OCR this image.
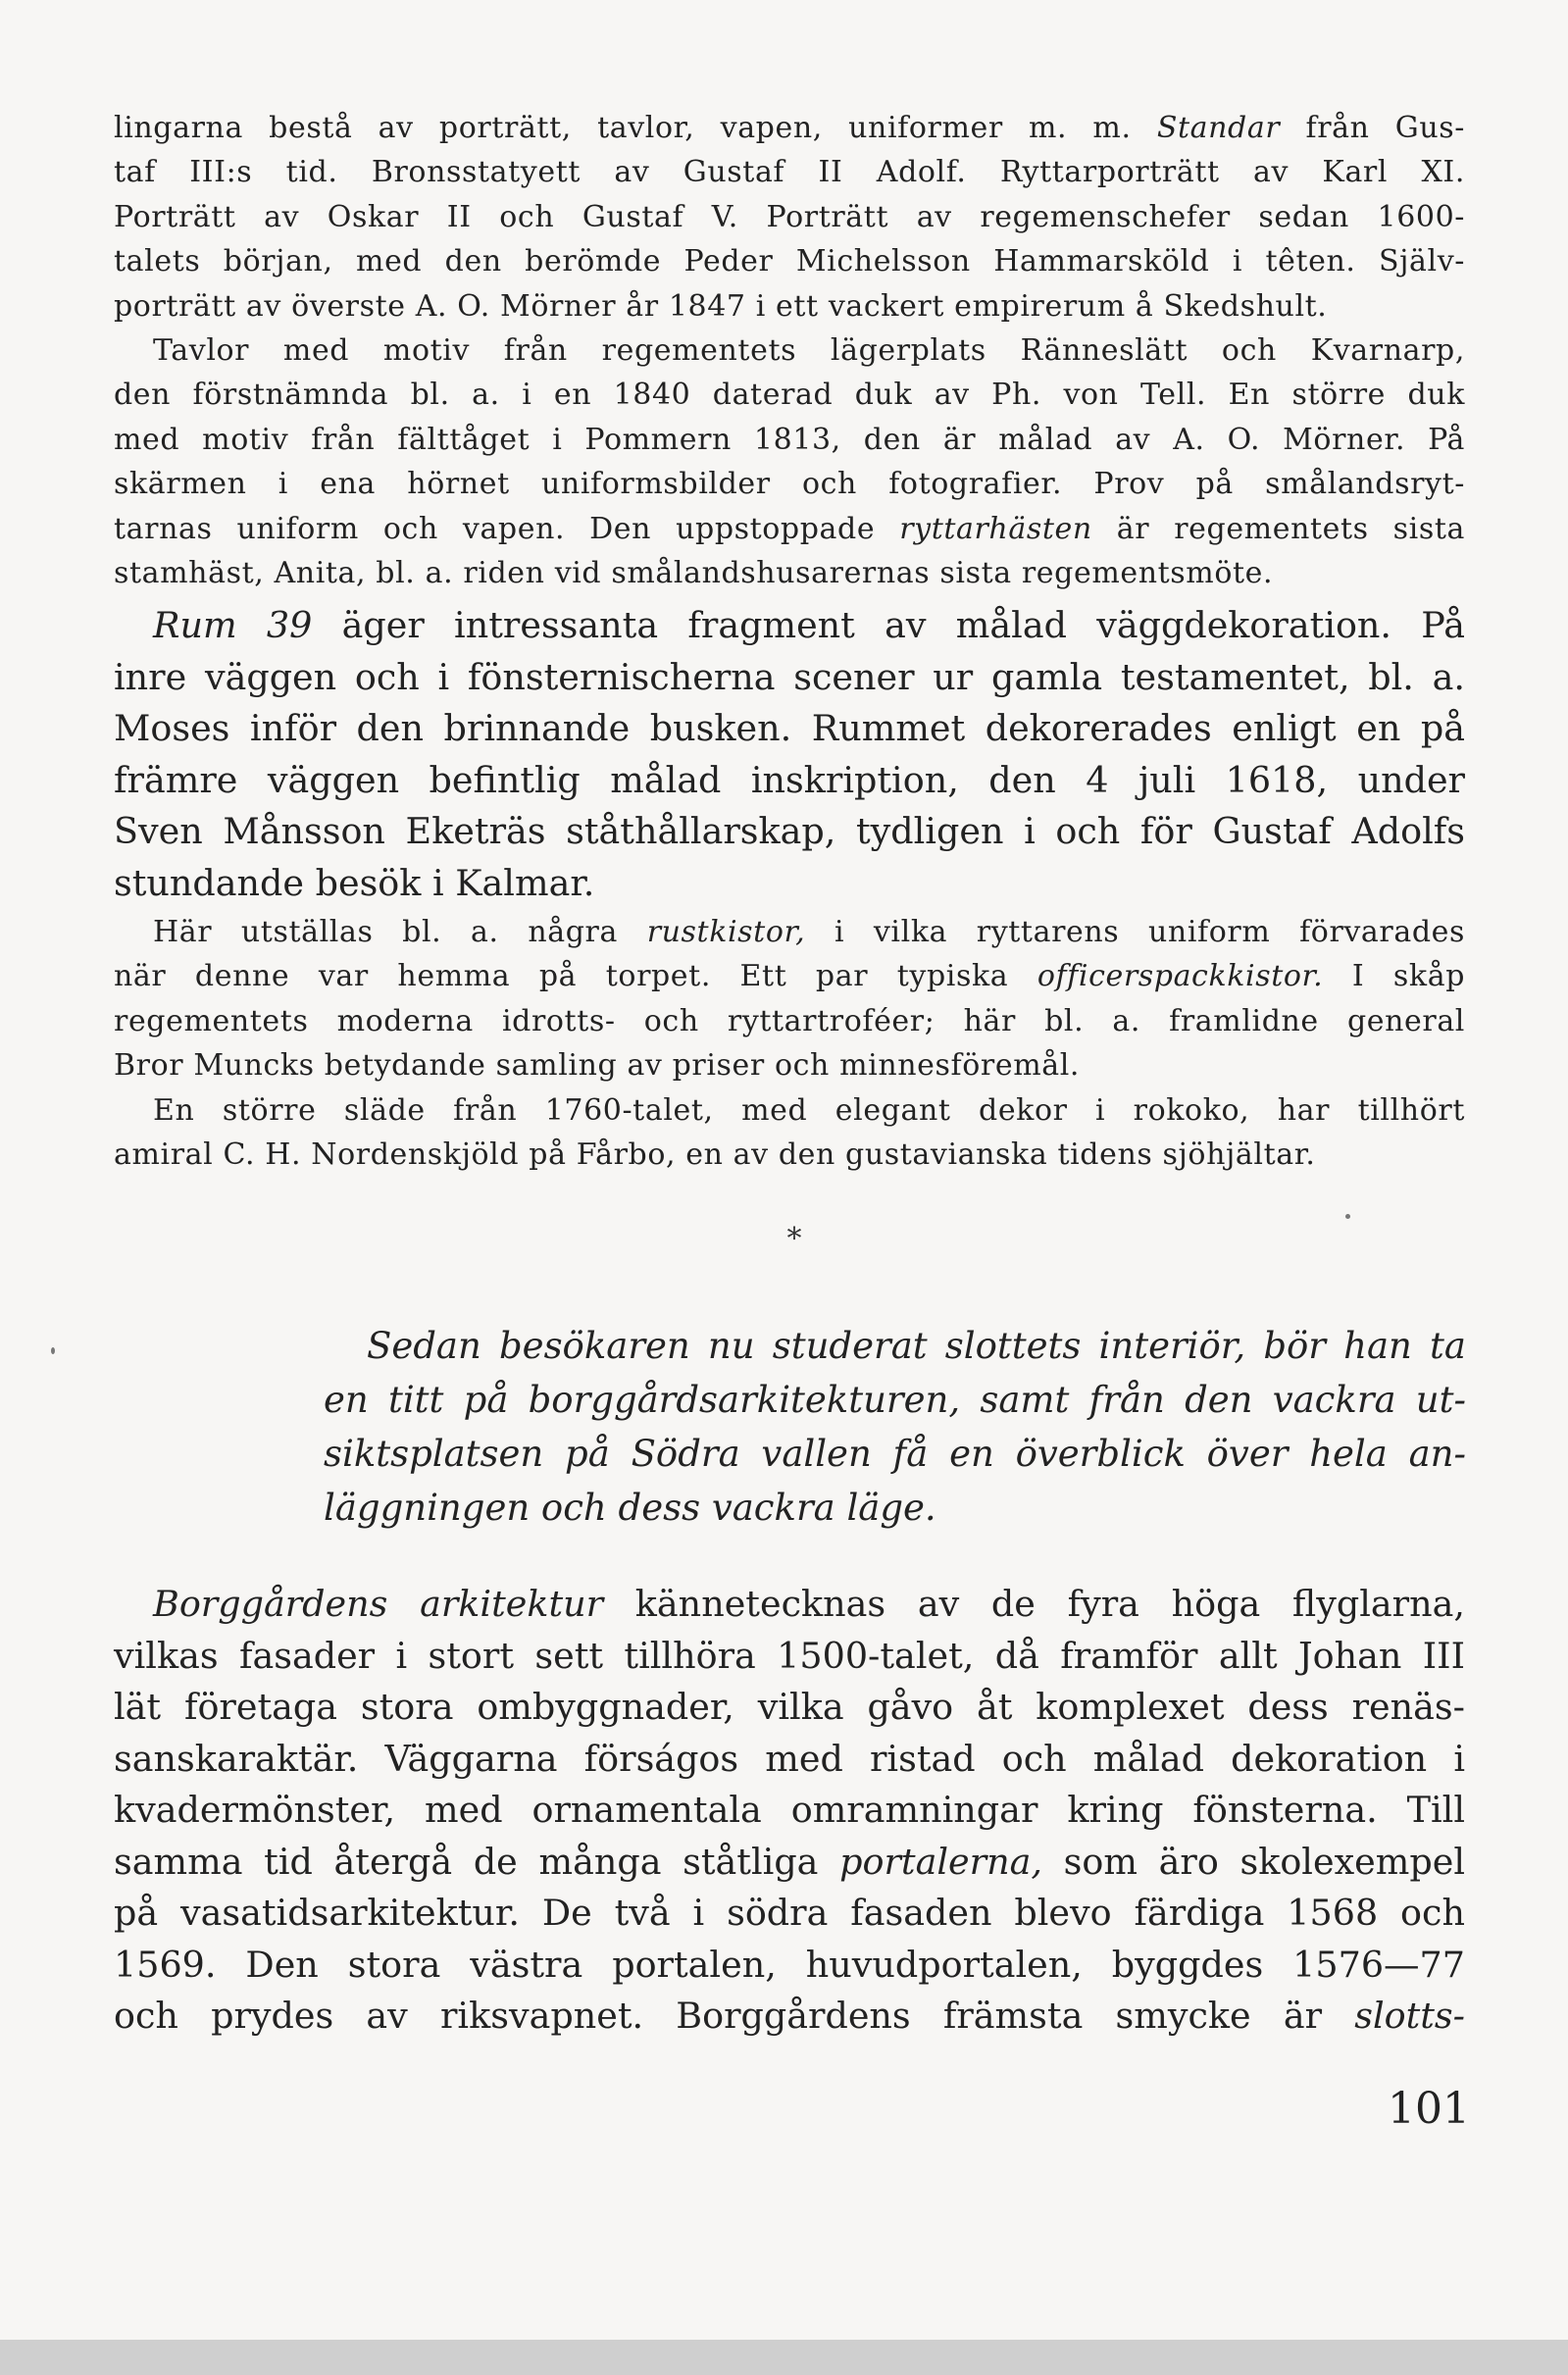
lingarna bestå av porträtt, tavlor, vapen, uniformer m. m. Standar från Gus-
taf III:s tid. Bronsstatyett av Gustaf II Adolf. Ryttarporträtt av Karl XI.
Porträtt av Oskar II och Gustaf V. Porträtt av regemenschefer sedan 1600-
talets början, med den berömde Peder Michelsson Hammarsköld i têten. Själv-
porträtt av överste A. O. Mörner år 1847 i ett vackert empirerum å Skedshult.
Tavlor med motiv från regementets lägerplats Ränneslätt och Kvarnarp,
den förstnämnda bl. a. i en 1840 daterad duk av Ph. von Tell. En större duk
med motiv från fälttåget i Pommern 1813, den är målad av A. O. Mörner. På
skärmen i ena hörnet uniformsbilder och fotografier. Prov på smålandsryt-
tarnas uniform och vapen. Den uppstoppade ryttarhästen är regementets sista
stamhäst, Anita, bl. a. riden vid smålandshusarernas sista regementsmöte.
Rum 39 äger intressanta fragment av målad väggdekoration. På
inre väggen och i fönsternischerna scener ur gamla testamentet, bl. a.
Moses inför den brinnande busken. Rummet dekorerades enligt en på
främre väggen befintlig målad inskription, den 4 juli 1618, under
Sven Månsson Eketräs ståthållarskap, tydligen i och för Gustaf Adolfs
stundande besök i Kalmar.
Här utställas bl. a. några rustkistor, i vilka ryttarens uniform förvarades
när denne var hemma på torpet. Ett par typiska officerspackkistor. I skåp
regementets moderna idrotts- och ryttartroféer; här bl. a. framlidne general
Bror Muncks betydande samling av priser och minnesföremål.
En större släde från 1760-talet, med elegant dekor i rokoko, har tillhört
amiral C. H. Nordenskjöld på Fårbo, en av den gustavianska tidens sjöhjältar.
*
Sedan besökaren nu studerat slottets interiör, bör han ta
en titt på borggårdsarkitekturen, samt från den vackra ut-
siktsplatsen på Södra vallen få en överblick över hela an-
läggningen och dess vackra läge.
Borggårdens arkitektur kännetecknas av de fyra höga flyglarna,
vilkas fasader i stort sett tillhöra 1500-talet, då framför allt Johan III
lät företaga stora ombyggnader, vilka gåvo åt komplexet dess renäs-
sanskaraktär. Väggarna förságos med ristad och målad dekoration i
kvadermönster, med ornamentala omramningar kring fönsterna. Till
samma tid återgå de många ståtliga portalerna, som äro skolexempel
på vasatidsarkitektur. De två i södra fasaden blevo färdiga 1568 och
1569. Den stora västra portalen, huvudportalen, byggdes 1576—77
och prydes av riksvapnet. Borggårdens främsta smycke är slotts-
101
